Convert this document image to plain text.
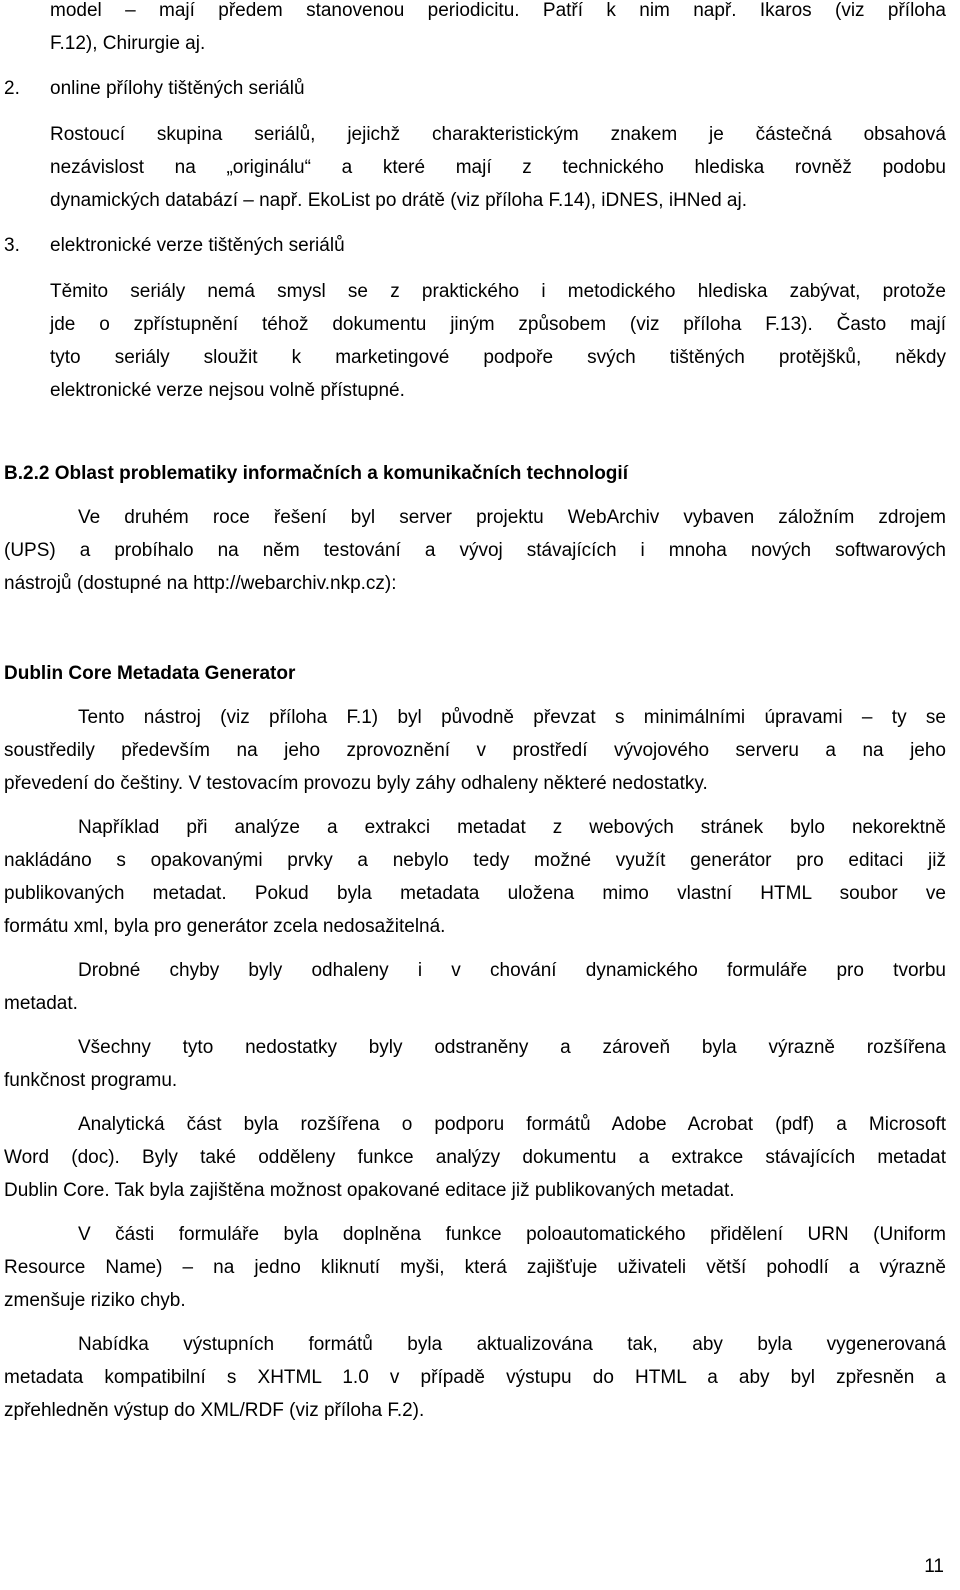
model – mají předem stanovenou periodicitu. Patří k nim např. Ikaros (viz příloha
F.12), Chirurgie aj.
2. online přílohy tištěných seriálů
Rostoucí skupina seriálů, jejichž charakteristickým znakem je částečná obsahová
nezávislost na „originálu“ a které mají z technického hlediska rovněž podobu
dynamických databází – např. EkoList po drátě (viz příloha F.14), iDNES, iHNed aj.
3. elektronické verze tištěných seriálů
Těmito seriály nemá smysl se z praktického i metodického hlediska zabývat, protože
jde o zpřístupnění téhož dokumentu jiným způsobem (viz příloha F.13). Často mají
tyto seriály sloužit k marketingové podpoře svých tištěných protějšků, někdy
elektronické verze nejsou volně přístupné.
B.2.2 Oblast problematiky informačních a komunikačních technologií
Ve druhém roce řešení byl server projektu WebArchiv vybaven záložním zdrojem
(UPS) a probíhalo na něm testování a vývoj stávajících i mnoha nových softwarových
nástrojů (dostupné na http://webarchiv.nkp.cz):
Dublin Core Metadata Generator
Tento nástroj (viz příloha F.1) byl původně převzat s minimálními úpravami – ty se
soustředily především na jeho zprovoznění v prostředí vývojového serveru a na jeho
převedení do češtiny. V testovacím provozu byly záhy odhaleny některé nedostatky.
Například při analýze a extrakci metadat z webových stránek bylo nekorektně
nakládáno s opakovanými prvky a nebylo tedy možné využít generátor pro editaci již
publikovaných metadat. Pokud byla metadata uložena mimo vlastní HTML soubor ve
formátu xml, byla pro generátor zcela nedosažitelná.
Drobné chyby byly odhaleny i v chování dynamického formuláře pro tvorbu
metadat.
Všechny tyto nedostatky byly odstraněny a zároveň byla výrazně rozšířena
funkčnost programu.
Analytická část byla rozšířena o podporu formátů Adobe Acrobat (pdf) a Microsoft
Word (doc). Byly také odděleny funkce analýzy dokumentu a extrakce stávajících metadat
Dublin Core. Tak byla zajištěna možnost opakované editace již publikovaných metadat.
V části formuláře byla doplněna funkce poloautomatického přidělení URN (Uniform
Resource Name) – na jedno kliknutí myši, která zajišťuje uživateli větší pohodlí a výrazně
zmenšuje riziko chyb.
Nabídka výstupních formátů byla aktualizována tak, aby byla vygenerovaná
metadata kompatibilní s XHTML 1.0 v případě výstupu do HTML a aby byl zpřesněn a
zpřehledněn výstup do XML/RDF (viz příloha F.2).
11
